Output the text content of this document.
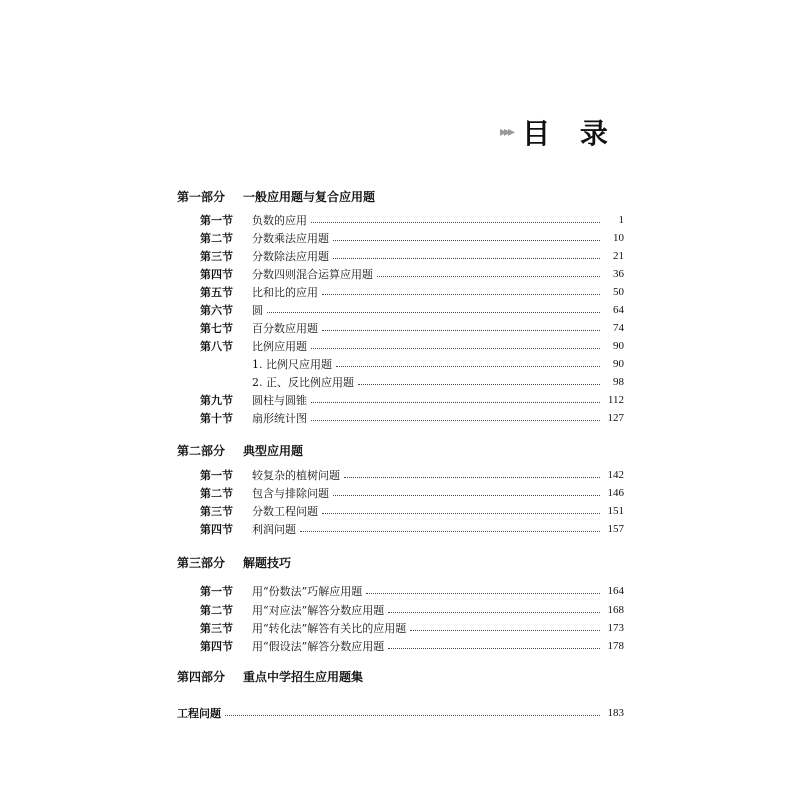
▸▸▸ 目 录
第一部分 一般应用题与复合应用题
第一节	负数的应用	1
第二节	分数乘法应用题	10
第三节	分数除法应用题	21
第四节	分数四则混合运算应用题	36
第五节	比和比的应用	50
第六节	圆	64
第七节	百分数应用题	74
第八节	比例应用题	90
1. 比例尺应用题	90
2. 正、反比例应用题	98
第九节	圆柱与圆锥	112
第十节	扇形统计图	127
第二部分 典型应用题
第一节	较复杂的植树问题	142
第二节	包含与排除问题	146
第三节	分数工程问题	151
第四节	利润问题	157
第三部分 解题技巧
第一节	用“份数法”巧解应用题	164
第二节	用“对应法”解答分数应用题	168
第三节	用“转化法”解答有关比的应用题	173
第四节	用“假设法”解答分数应用题	178
第四部分 重点中学招生应用题集
工程问题	183
